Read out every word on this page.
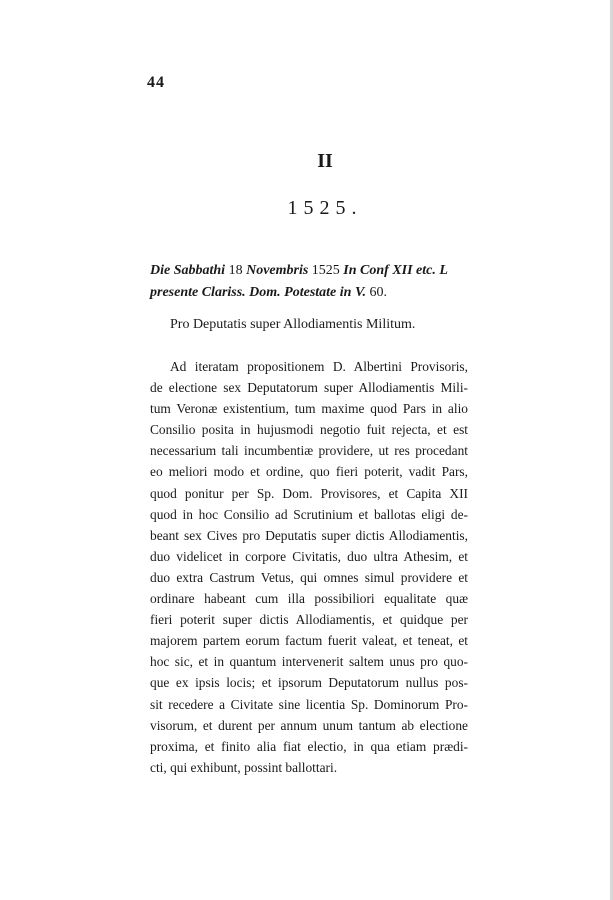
44
II
1525.
Die Sabbathi 18 Novembris 1525 In Conf XII etc. L
presente Clariss. Dom. Potestate in V. 60.
Pro Deputatis super Allodiamentis Militum.
Ad iteratam propositionem D. Albertini Provisoris,
de electione sex Deputatorum super Allodiamentis Mili-
tum Veronæ existentium, tum maxime quod Pars in alio
Consilio posita in hujusmodi negotio fuit rejecta, et est
necessarium tali incumbentiæ providere, ut res procedant
eo meliori modo et ordine, quo fieri poterit, vadit Pars,
quod ponitur per Sp. Dom. Provisores, et Capita XII
quod in hoc Consilio ad Scrutinium et ballotas eligi de-
beant sex Cives pro Deputatis super dictis Allodiamentis,
duo videlicet in corpore Civitatis, duo ultra Athesim, et
duo extra Castrum Vetus, qui omnes simul providere et
ordinare habeant cum illa possibiliori equalitate quæ
fieri poterit super dictis Allodiamentis, et quidque per
majorem partem eorum factum fuerit valeat, et teneat, et
hoc sic, et in quantum intervenerit saltem unus pro quo-
que ex ipsis locis; et ipsorum Deputatorum nullus pos-
sit recedere a Civitate sine licentia Sp. Dominorum Pro-
visorum, et durent per annum unum tantum ab electione
proxima, et finito alia fiat electio, in qua etiam prædi-
cti, qui exhibunt, possint ballottari.
